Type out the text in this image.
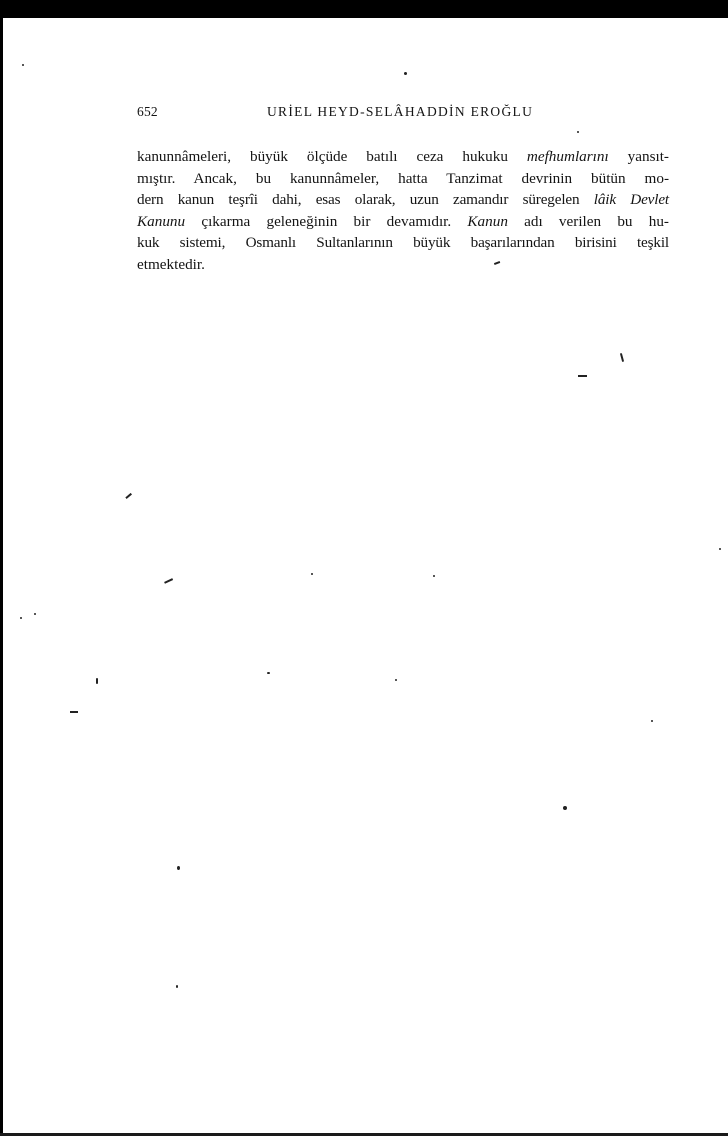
652	URİEL HEYD-SELÂHADDİN EROĞLU
kanunnâmeleri, büyük ölçüde batılı ceza hukuku mefhumlarını yansıt-
mıştır. Ancak, bu kanunnâmeler, hatta Tanzimat devrinin bütün mo-
dern kanun teşrîi dahi, esas olarak, uzun zamandır süregelen lâik Devlet
Kanunu çıkarma geleneğinin bir devamıdır. Kanun adı verilen bu hu-
kuk sistemi, Osmanlı Sultanlarının büyük başarılarından birisini teşkil
etmektedir.
